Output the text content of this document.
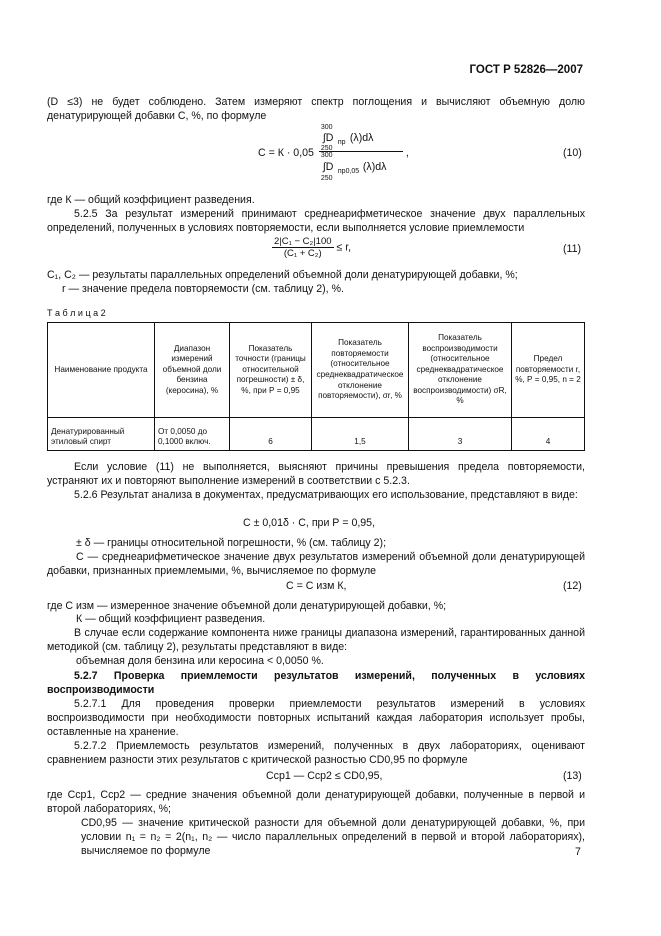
ГОСТ Р 52826—2007
(D ≤3) не будет соблюдено. Затем измеряют спектр поглощения и вычисляют объемную долю денатурирующей добавки С, %, по формуле
С = К · 0,05 300
∫D пр (λ)dλ
250
300
∫D пр0,05 (λ)dλ
250 ,	(10)
где К — общий коэффициент разведения.
5.2.5 За результат измерений принимают среднеарифметическое значение двух параллельных определений, полученных в условиях повторяемости, если выполняется условие приемлемости
$\frac{\text{2|С₁ − С₂|100}}{\text{(С₁ + С₂)}} \le r$,	(11)
С₁, С₂ — результаты параллельных определений объемной доли денатурирующей добавки, %;
r — значение предела повторяемости (см. таблицу 2), %.
Т а б л и ц а 2
Наименование продукта	Диапазон измерений объемной доли бензина (керосина), %	Показатель точности (границы относительной погрешности) ± δ, %, при Р = 0,95	Показатель повторяемости (относительное среднеквадратическое отклонение повторяемости), σr, %	Показатель воспроизводимости (относительное среднеквадратическое отклонение воспроизводимости) σR, %	Предел повторяемости r, %, Р = 0,95, n = 2
Денатурированный этиловый спирт	От 0,0050 до 0,1000 включ.	6	1,5	3	4
Если условие (11) не выполняется, выясняют причины превышения предела повторяемости, устраняют их и повторяют выполнение измерений в соответствии с 5.2.3.
5.2.6 Результат анализа в документах, предусматривающих его использование, представляют в виде:
С ± 0,01δ · С, при Р = 0,95,
± δ — границы относительной погрешности, % (см. таблицу 2);
С — среднеарифметическое значение двух результатов измерений объемной доли денатурирующей добавки, признанных приемлемыми, %, вычисляемое по формуле
С = С изм К,	(12)
где С изм — измеренное значение объемной доли денатурирующей добавки, %;
К — общий коэффициент разведения.
В случае если содержание компонента ниже границы диапазона измерений, гарантированных данной методикой (см. таблицу 2), результаты представляют в виде:
объемная доля бензина или керосина < 0,0050 %.
5.2.7 Проверка приемлемости результатов измерений, полученных в условиях воспроизводимости
5.2.7.1 Для проведения проверки приемлемости результатов измерений в условиях воспроизводимости при необходимости повторных испытаний каждая лаборатория использует пробы, оставленные на хранение.
5.2.7.2 Приемлемость результатов измерений, полученных в двух лабораториях, оценивают сравнением разности этих результатов с критической разностью CD0,95 по формуле
Сср1 — Сср2 ≤ CD0,95,	(13)
где Сср1, Сср2 — средние значения объемной доли денатурирующей добавки, полученные в первой и второй лабораториях, %;
CD0,95 — значение критической разности для объемной доли денатурирующей добавки, %, при условии n₁ = n₂ = 2(n₁, n₂ — число параллельных определений в первой и второй лабораториях), вычисляемое по формуле	7
